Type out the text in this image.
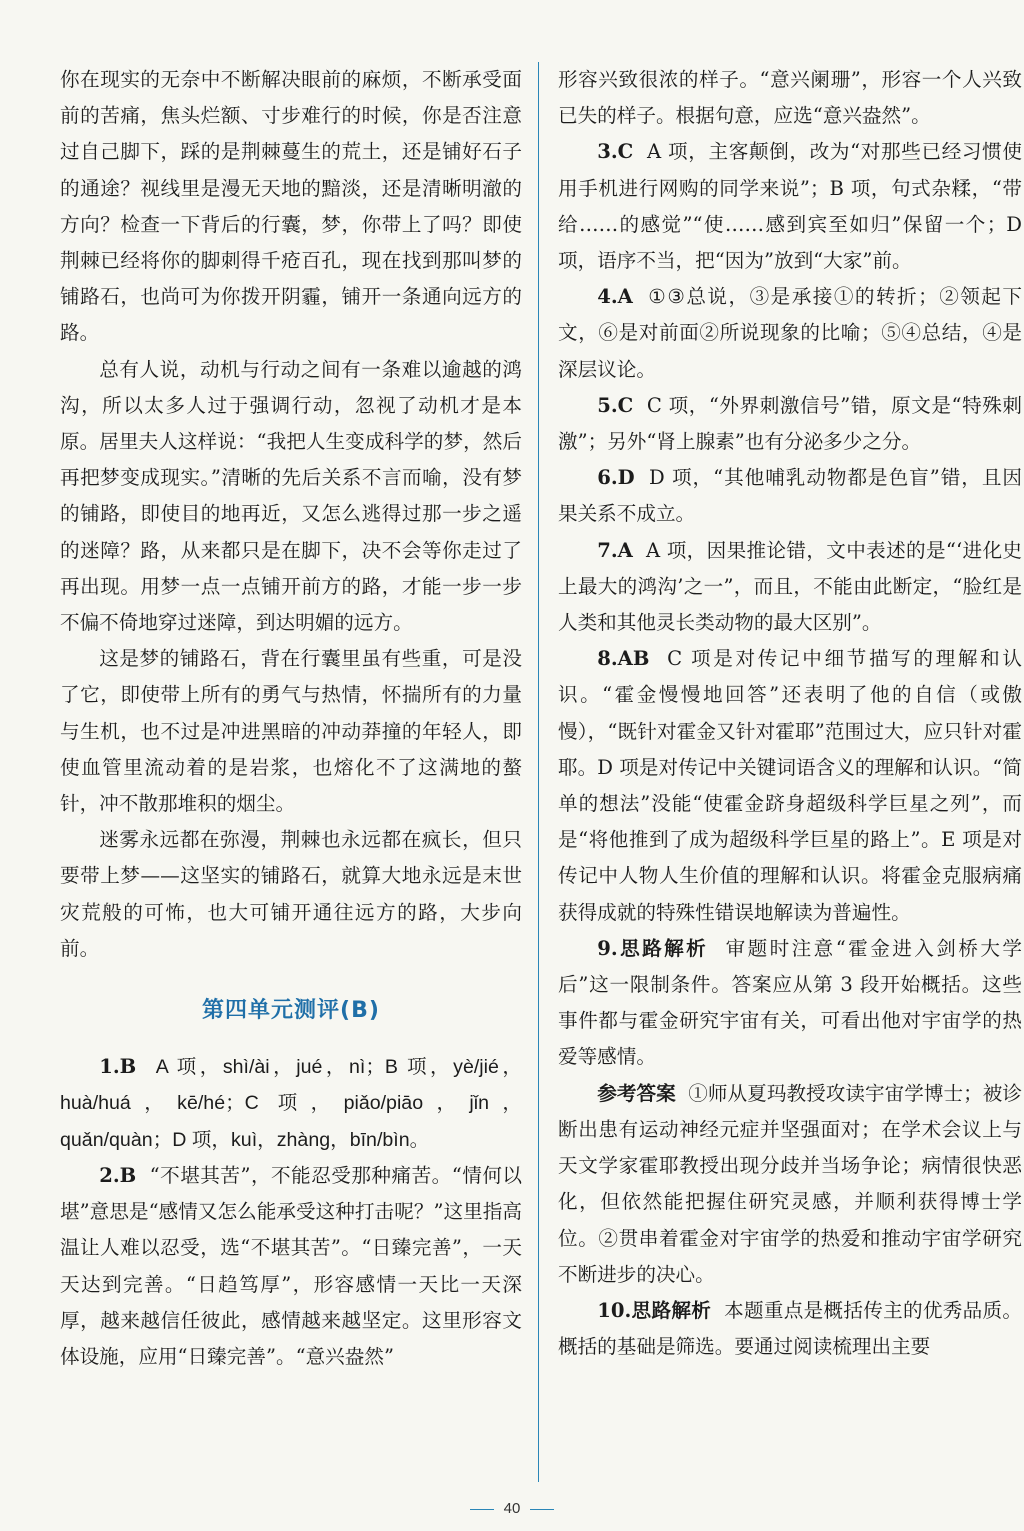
你在现实的无奈中不断解决眼前的麻烦，不断承受面前的苦痛，焦头烂额、寸步难行的时候，你是否注意过自己脚下，踩的是荆棘蔓生的荒土，还是铺好石子的通途？视线里是漫无天地的黯淡，还是清晰明澈的方向？检查一下背后的行囊，梦，你带上了吗？即使荆棘已经将你的脚刺得千疮百孔，现在找到那叫梦的铺路石，也尚可为你拨开阴霾，铺开一条通向远方的路。

总有人说，动机与行动之间有一条难以逾越的鸿沟，所以太多人过于强调行动，忽视了动机才是本原。居里夫人这样说：“我把人生变成科学的梦，然后再把梦变成现实。”清晰的先后关系不言而喻，没有梦的铺路，即使目的地再近，又怎么逃得过那一步之遥的迷障？路，从来都只是在脚下，决不会等你走过了再出现。用梦一点一点铺开前方的路，才能一步一步不偏不倚地穿过迷障，到达明媚的远方。

这是梦的铺路石，背在行囊里虽有些重，可是没了它，即使带上所有的勇气与热情，怀揣所有的力量与生机，也不过是冲进黑暗的冲动莽撞的年轻人，即使血管里流动着的是岩浆，也熔化不了这满地的螯针，冲不散那堆积的烟尘。

迷雾永远都在弥漫，荆棘也永远都在疯长，但只要带上梦——这坚实的铺路石，就算大地永远是末世灾荒般的可怖，也大可铺开通往远方的路，大步向前。

第四单元测评(B)

1.B A 项，shì/ài，jué，nì；B 项，yè/jié，huà/huá，kē/hé；C 项，piǎo/piāo，jǐn，quǎn/quàn；D 项，kuì，zhàng，bīn/bìn。

2.B “不堪其苦”，不能忍受那种痛苦。“情何以堪”意思是“感情又怎么能承受这种打击呢？”这里指高温让人难以忍受，选“不堪其苦”。“日臻完善”，一天天达到完善。“日趋笃厚”，形容感情一天比一天深厚，越来越信任彼此，感情越来越坚定。这里形容文体设施，应用“日臻完善”。“意兴盎然”

形容兴致很浓的样子。“意兴阑珊”，形容一个人兴致已失的样子。根据句意，应选“意兴盎然”。

3.C A 项，主客颠倒，改为“对那些已经习惯使用手机进行网购的同学来说”；B 项，句式杂糅，“带给……的感觉”“使……感到宾至如归”保留一个；D 项，语序不当，把“因为”放到“大家”前。

4.A ①③总说，③是承接①的转折；②领起下文，⑥是对前面②所说现象的比喻；⑤④总结，④是深层议论。

5.C C 项，“外界刺激信号”错，原文是“特殊刺激”；另外“肾上腺素”也有分泌多少之分。

6.D D 项，“其他哺乳动物都是色盲”错，且因果关系不成立。

7.A A 项，因果推论错，文中表述的是“‘进化史上最大的鸿沟’之一”，而且，不能由此断定，“脸红是人类和其他灵长类动物的最大区别”。

8.AB C 项是对传记中细节描写的理解和认识。“霍金慢慢地回答”还表明了他的自信（或傲慢），“既针对霍金又针对霍耶”范围过大，应只针对霍耶。D 项是对传记中关键词语含义的理解和认识。“简单的想法”没能“使霍金跻身超级科学巨星之列”，而是“将他推到了成为超级科学巨星的路上”。E 项是对传记中人物人生价值的理解和认识。将霍金克服病痛获得成就的特殊性错误地解读为普遍性。

9.思路解析 审题时注意“霍金进入剑桥大学后”这一限制条件。答案应从第 3 段开始概括。这些事件都与霍金研究宇宙有关，可看出他对宇宙学的热爱等感情。

参考答案 ①师从夏玛教授攻读宇宙学博士；被诊断出患有运动神经元症并坚强面对；在学术会议上与天文学家霍耶教授出现分歧并当场争论；病情很快恶化，但依然能把握住研究灵感，并顺利获得博士学位。②贯串着霍金对宇宙学的热爱和推动宇宙学研究不断进步的决心。

10.思路解析 本题重点是概括传主的优秀品质。概括的基础是筛选。要通过阅读梳理出主要

40
